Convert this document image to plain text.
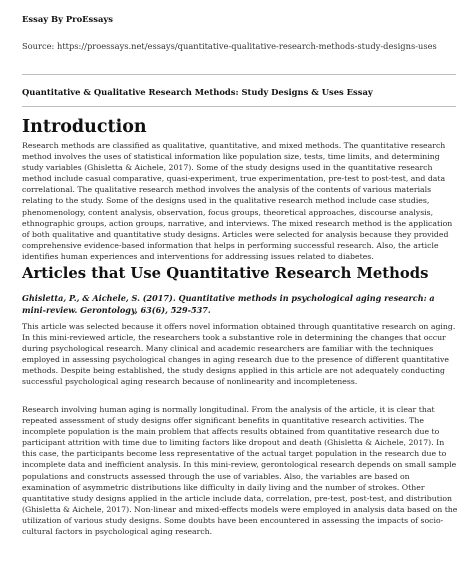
Essay By ProEssays
Source: https://proessays.net/essays/quantitative-qualitative-research-methods-study-designs-uses
Quantitative & Qualitative Research Methods: Study Designs & Uses Essay
Introduction

Research methods are classified as qualitative, quantitative, and mixed methods. The quantitative research method involves the uses of statistical information like population size, tests, time limits, and determining study variables (Ghisletta & Aichele, 2017). Some of the study designs used in the quantitative research method include casual comparative, quasi-experiment, true experimentation, pre-test to post-test, and data correlational. The qualitative research method involves the analysis of the contents of various materials relating to the study. Some of the designs used in the qualitative research method include case studies, phenomenology, content analysis, observation, focus groups, theoretical approaches, discourse analysis, ethnographic groups, action groups, narrative, and interviews. The mixed research method is the application of both qualitative and quantitative study designs. Articles were selected for analysis because they provided comprehensive evidence-based information that helps in performing successful research. Also, the article identifies human experiences and interventions for addressing issues related to diabetes.

Articles that Use Quantitative Research Methods

Ghisletta, P., & Aichele, S. (2017). Quantitative methods in psychological aging research: a mini-review. Gerontology, 63(6), 529-537.

This article was selected because it offers novel information obtained through quantitative research on aging. In this mini-reviewed article, the researchers took a substantive role in determining the changes that occur during psychological research. Many clinical and academic researchers are familiar with the techniques employed in assessing psychological changes in aging research due to the presence of different quantitative methods. Despite being established, the study designs applied in this article are not adequately conducting successful psychological aging research because of nonlinearity and incompleteness.

Research involving human aging is normally longitudinal. From the analysis of the article, it is clear that repeated assessment of study designs offer significant benefits in quantitative research activities. The incomplete population is the main problem that affects results obtained from quantitative research due to participant attrition with time due to limiting factors like dropout and death (Ghisletta & Aichele, 2017). In this case, the participants become less representative of the actual target population in the research due to incomplete data and inefficient analysis. In this mini-review, gerontological research depends on small sample populations and constructs assessed through the use of variables. Also, the variables are based on examination of asymmetric distributions like difficulty in daily living and the number of strokes. Other quantitative study designs applied in the article include data, correlation, pre-test, post-test, and distribution (Ghisletta & Aichele, 2017). Non-linear and mixed-effects models were employed in analysis data based on the utilization of various study designs. Some doubts have been encountered in assessing the impacts of socio-cultural factors in psychological aging research.
